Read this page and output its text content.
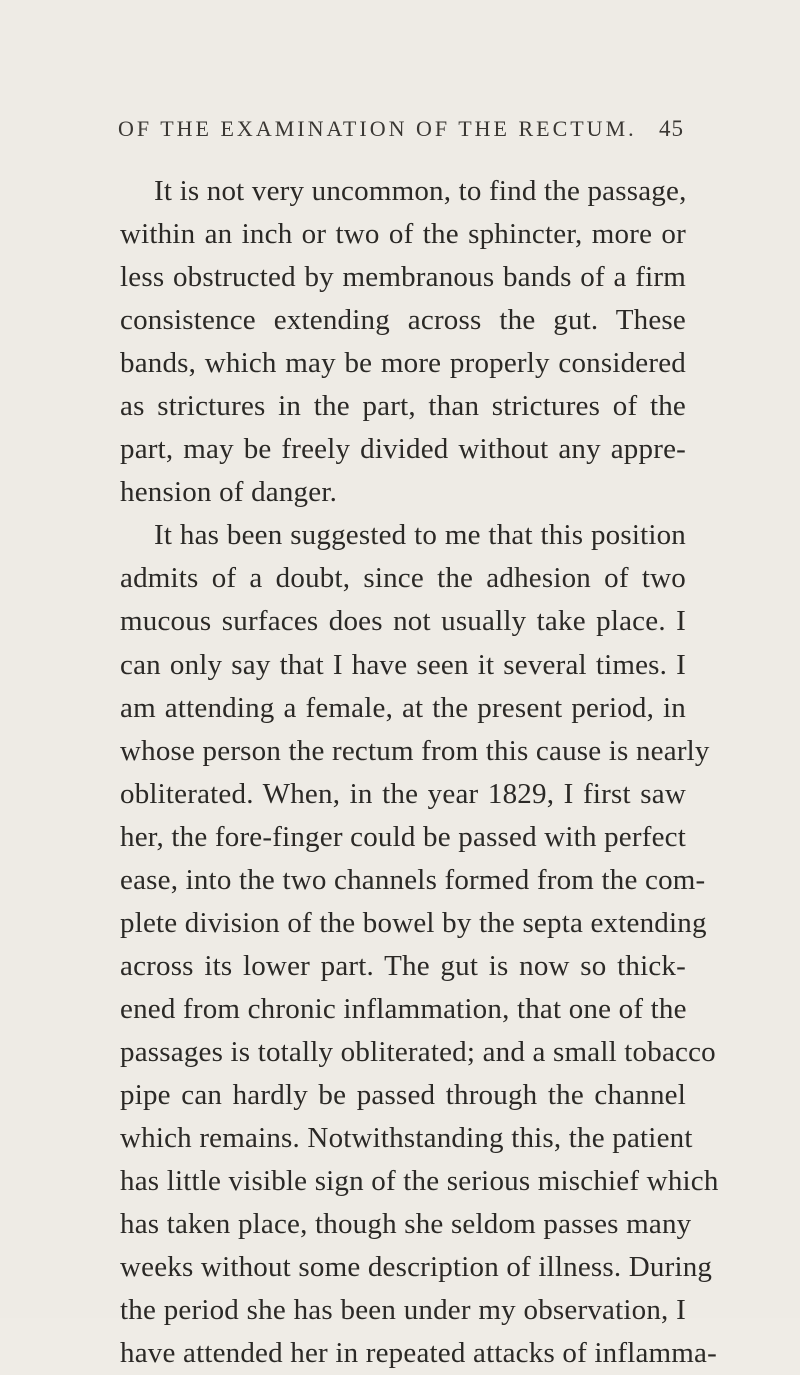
OF THE EXAMINATION OF THE RECTUM. 45
It is not very uncommon, to find the passage,
within an inch or two of the sphincter, more or
less obstructed by membranous bands of a firm
consistence extending across the gut. These
bands, which may be more properly considered
as strictures in the part, than strictures of the
part, may be freely divided without any appre-
hension of danger.
It has been suggested to me that this position
admits of a doubt, since the adhesion of two
mucous surfaces does not usually take place. I
can only say that I have seen it several times. I
am attending a female, at the present period, in
whose person the rectum from this cause is nearly
obliterated. When, in the year 1829, I first saw
her, the fore-finger could be passed with perfect
ease, into the two channels formed from the com-
plete division of the bowel by the septa extending
across its lower part. The gut is now so thick-
ened from chronic inflammation, that one of the
passages is totally obliterated; and a small tobacco
pipe can hardly be passed through the channel
which remains. Notwithstanding this, the patient
has little visible sign of the serious mischief which
has taken place, though she seldom passes many
weeks without some description of illness. During
the period she has been under my observation, I
have attended her in repeated attacks of inflamma-
